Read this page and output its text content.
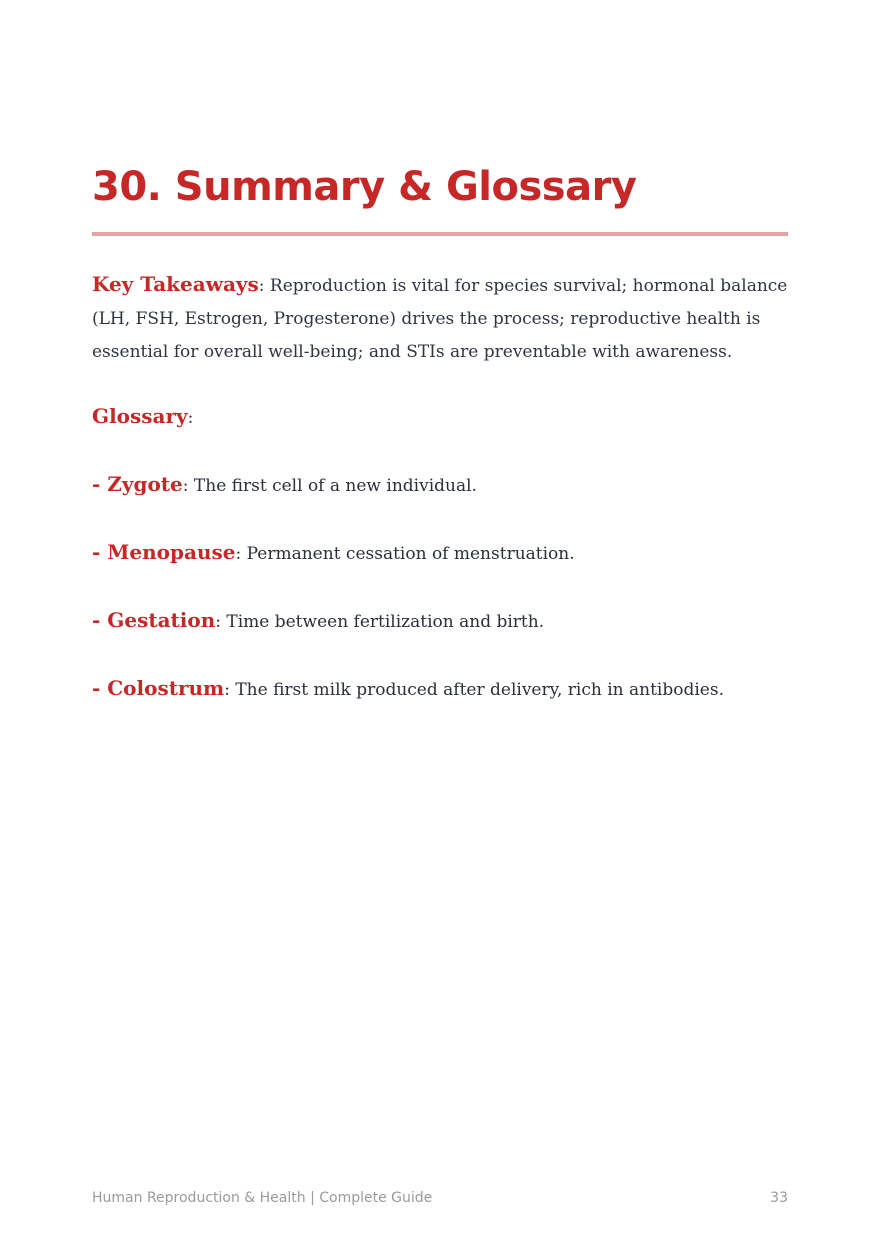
30. Summary & Glossary

Key Takeaways: Reproduction is vital for species survival; hormonal balance (LH, FSH, Estrogen, Progesterone) drives the process; reproductive health is essential for overall well-being; and STIs are preventable with awareness.

Glossary:

- Zygote: The first cell of a new individual.

- Menopause: Permanent cessation of menstruation.

- Gestation: Time between fertilization and birth.

- Colostrum: The first milk produced after delivery, rich in antibodies.

Human Reproduction & Health | Complete Guide	33
